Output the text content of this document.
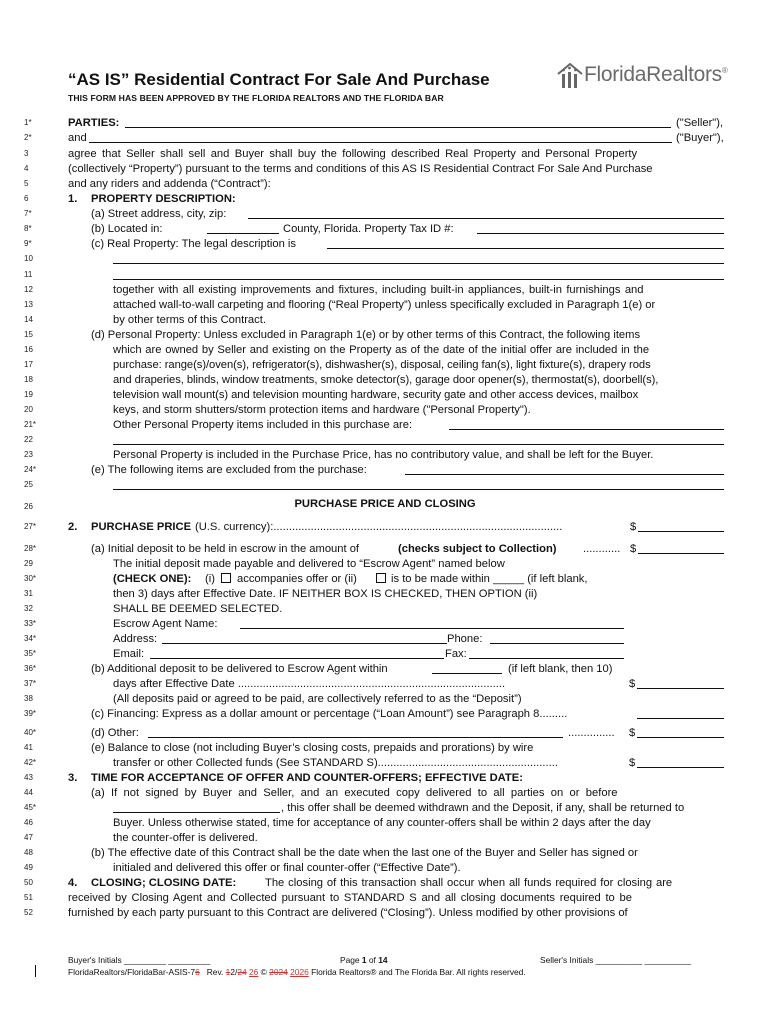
“AS IS” Residential Contract For Sale And Purchase
THIS FORM HAS BEEN APPROVED BY THE FLORIDA REALTORS AND THE FLORIDA BAR
FloridaRealtors®
1*
2*
3
4
5
6
7*
8*
9*
10
11
12
13
14
15
16
17
18
19
20
21*
22
23
24*
25
26
27*
28*
29
30*
31
32
33*
34*
35*
36*
37*
38
39*
40*
41
42*
43
44
45*
46
47
48
49
50
51
52
PARTIES:	("Seller"),
and	("Buyer"),
agree that Seller shall sell and Buyer shall buy the following described Real Property and Personal Property
(collectively “Property”) pursuant to the terms and conditions of this AS IS Residential Contract For Sale And Purchase
and any riders and addenda (“Contract”):
1. PROPERTY DESCRIPTION:
(a) Street address, city, zip:
(b) Located in:	County, Florida. Property Tax ID #:
(c) Real Property: The legal description is
together with all existing improvements and fixtures, including built-in appliances, built-in furnishings and
attached wall-to-wall carpeting and flooring (“Real Property”) unless specifically excluded in Paragraph 1(e) or
by other terms of this Contract.
(d) Personal Property: Unless excluded in Paragraph 1(e) or by other terms of this Contract, the following items
which are owned by Seller and existing on the Property as of the date of the initial offer are included in the
purchase: range(s)/oven(s), refrigerator(s), dishwasher(s), disposal, ceiling fan(s), light fixture(s), drapery rods
and draperies, blinds, window treatments, smoke detector(s), garage door opener(s), thermostat(s), doorbell(s),
television wall mount(s) and television mounting hardware, security gate and other access devices, mailbox
keys, and storm shutters/storm protection items and hardware ("Personal Property").
Other Personal Property items included in this purchase are:
Personal Property is included in the Purchase Price, has no contributory value, and shall be left for the Buyer.
(e) The following items are excluded from the purchase:
PURCHASE PRICE AND CLOSING
2. PURCHASE PRICE (U.S. currency):.............................................................................................	$
(a) Initial deposit to be held in escrow in the amount of	(checks subject to Collection) ............ $
The initial deposit made payable and delivered to “Escrow Agent” named below
(CHECK ONE): (i) accompanies offer or (ii)	is to be made within _____ (if left blank,
then 3) days after Effective Date. IF NEITHER BOX IS CHECKED, THEN OPTION (ii)
SHALL BE DEEMED SELECTED.
Escrow Agent Name:
Address:	Phone:
Email:	Fax:
(b) Additional deposit to be delivered to Escrow Agent within	(if left blank, then 10)
days after Effective Date ......................................................................................	$
(All deposits paid or agreed to be paid, are collectively referred to as the “Deposit”)
(c) Financing: Express as a dollar amount or percentage (“Loan Amount”) see Paragraph 8.........
(d) Other:	............... $
(e) Balance to close (not including Buyer’s closing costs, prepaids and prorations) by wire
transfer or other Collected funds (See STANDARD S)..........................................................	$
3. TIME FOR ACCEPTANCE OF OFFER AND COUNTER-OFFERS; EFFECTIVE DATE:
(a) If not signed by Buyer and Seller, and an executed copy delivered to all parties on or before
, this offer shall be deemed withdrawn and the Deposit, if any, shall be returned to
Buyer. Unless otherwise stated, time for acceptance of any counter-offers shall be within 2 days after the day
the counter-offer is delivered.
(b) The effective date of this Contract shall be the date when the last one of the Buyer and Seller has signed or
initialed and delivered this offer or final counter-offer (“Effective Date”).
4. CLOSING; CLOSING DATE:	The closing of this transaction shall occur when all funds required for closing are
received by Closing Agent and Collected pursuant to STANDARD S and all closing documents required to be
furnished by each party pursuant to this Contract are delivered (“Closing”). Unless modified by other provisions of
Buyer's Initials _________ _________	Page 1 of 14	Seller's Initials __________ __________
FloridaRealtors/FloridaBar-ASIS-76 Rev. 12/24 26 © 2024 2026 Florida Realtors® and The Florida Bar. All rights reserved.
